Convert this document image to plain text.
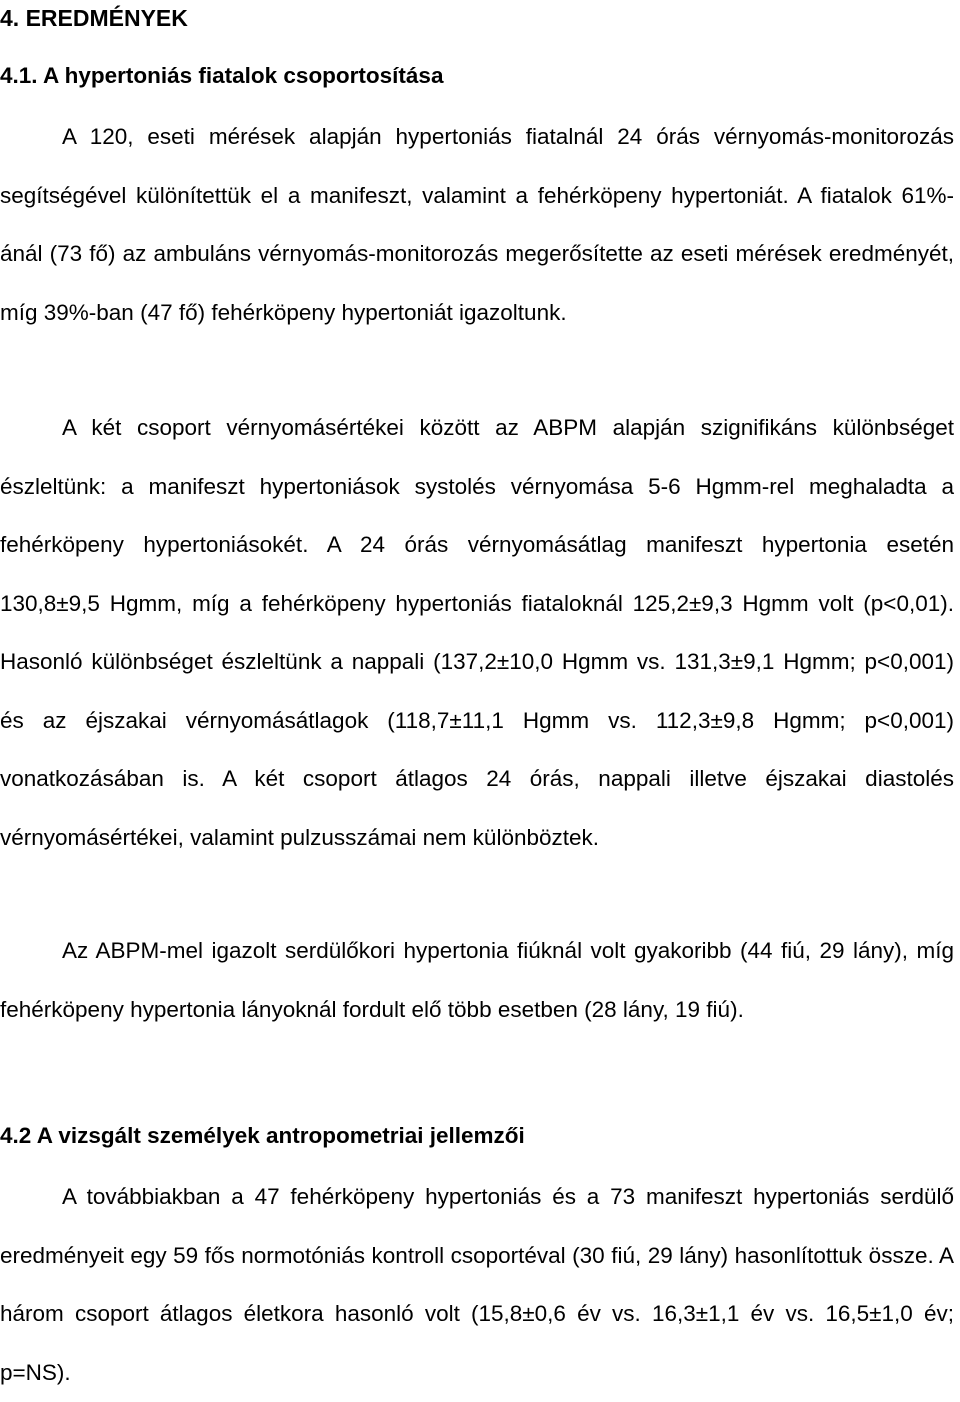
4. EREDMÉNYEK
4.1. A hypertoniás fiatalok csoportosítása

A 120, eseti mérések alapján hypertoniás fiatalnál 24 órás vérnyomás-monitorozás segítségével különítettük el a manifeszt, valamint a fehérköpeny hypertoniát. A fiatalok 61%-ánál (73 fő) az ambuláns vérnyomás-monitorozás megerősítette az eseti mérések eredményét, míg 39%-ban (47 fő) fehérköpeny hypertoniát igazoltunk.

A két csoport vérnyomásértékei között az ABPM alapján szignifikáns különbséget észleltünk: a manifeszt hypertoniások systolés vérnyomása 5-6 Hgmm-rel meghaladta a fehérköpeny hypertoniásokét. A 24 órás vérnyomásátlag manifeszt hypertonia esetén 130,8±9,5 Hgmm, míg a fehérköpeny hypertoniás fiataloknál 125,2±9,3 Hgmm volt (p<0,01). Hasonló különbséget észleltünk a nappali (137,2±10,0 Hgmm vs. 131,3±9,1 Hgmm; p<0,001) és az éjszakai vérnyomásátlagok (118,7±11,1 Hgmm vs. 112,3±9,8 Hgmm; p<0,001) vonatkozásában is. A két csoport átlagos 24 órás, nappali illetve éjszakai diastolés vérnyomásértékei, valamint pulzusszámai nem különböztek.

Az ABPM-mel igazolt serdülőkori hypertonia fiúknál volt gyakoribb (44 fiú, 29 lány), míg fehérköpeny hypertonia lányoknál fordult elő több esetben (28 lány, 19 fiú).

4.2 A vizsgált személyek antropometriai jellemzői

A továbbiakban a 47 fehérköpeny hypertoniás és a 73 manifeszt hypertoniás serdülő eredményeit egy 59 fős normotóniás kontroll csoportéval (30 fiú, 29 lány) hasonlítottuk össze. A három csoport átlagos életkora hasonló volt (15,8±0,6 év vs. 16,3±1,1 év vs. 16,5±1,0 év; p=NS).
